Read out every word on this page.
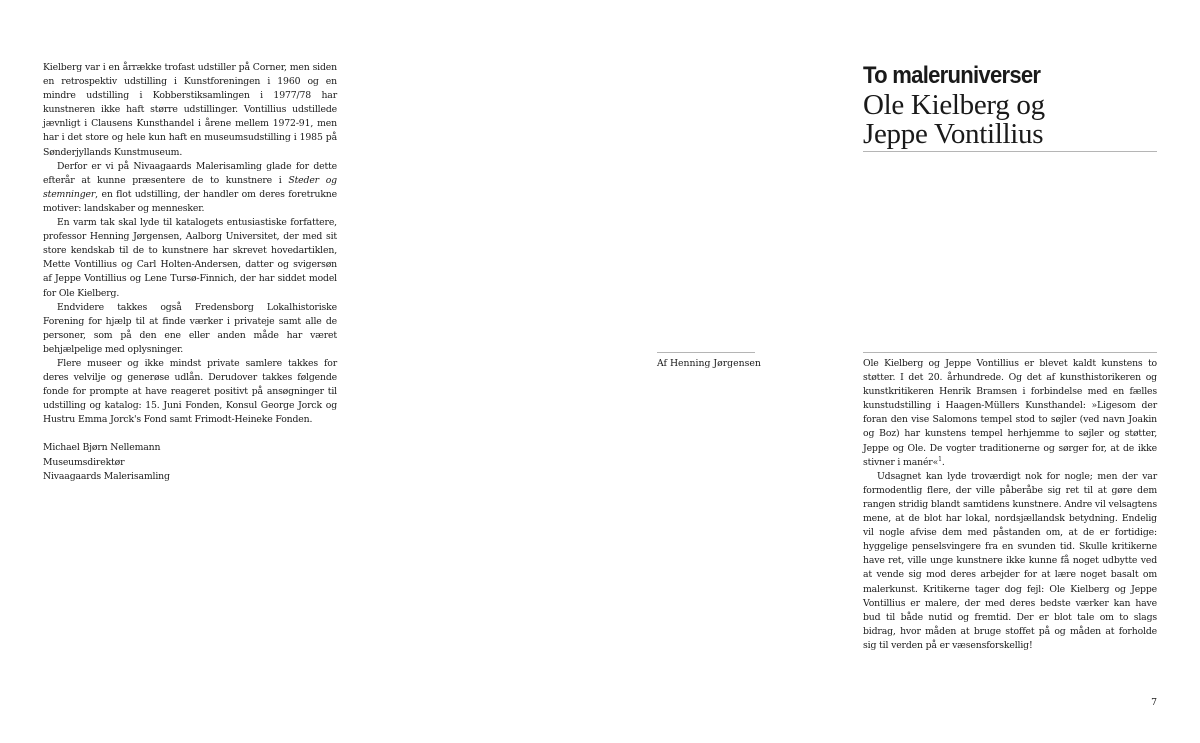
Kielberg var i en årrække trofast udstiller på Corner, men siden en retrospektiv udstilling i Kunstforeningen i 1960 og en mindre udstilling i Kobberstiksamlingen i 1977/78 har kunstneren ikke haft større udstillinger. Vontillius udstillede jævnligt i Clausens Kunsthandel i årene mellem 1972-91, men har i det store og hele kun haft en museumsudstilling i 1985 på Sønderjyllands Kunstmuseum.

Derfor er vi på Nivaagaards Malerisamling glade for dette efterår at kunne præsentere de to kunstnere i Steder og stemninger, en flot udstilling, der handler om deres foretrukne motiver: landskaber og mennesker.

En varm tak skal lyde til katalogets entusiastiske forfattere, professor Henning Jørgensen, Aalborg Universitet, der med sit store kendskab til de to kunstnere har skrevet hovedartiklen, Mette Vontillius og Carl Holten-Andersen, datter og svigersøn af Jeppe Vontillius og Lene Tursø-Finnich, der har siddet model for Ole Kielberg.

Endvidere takkes også Fredensborg Lokalhistoriske Forening for hjælp til at finde værker i privateje samt alle de personer, som på den ene eller anden måde har været behjælpelige med oplysninger.

Flere museer og ikke mindst private samlere takkes for deres velvilje og generøse udlån. Derudover takkes følgende fonde for prompte at have reageret positivt på ansøgninger til udstilling og katalog: 15. Juni Fonden, Konsul George Jorck og Hustru Emma Jorck's Fond samt Frimodt-Heineke Fonden.

Michael Bjørn Nellemann
Museumsdirektør
Nivaagaards Malerisamling
To maleruniverser
Ole Kielberg og
Jeppe Vontillius
Af Henning Jørgensen	Ole Kielberg og Jeppe Vontillius er blevet kaldt kunstens to støtter. I det 20. århundrede. Og det af kunsthistorikeren og kunstkritikeren Henrik Bramsen i forbindelse med en fælles kunstudstilling i Haagen-Müllers Kunsthandel: »Ligesom der foran den vise Salomons tempel stod to søjler (ved navn Joakin og Boz) har kunstens tempel herhjemme to søjler og støtter, Jeppe og Ole. De vogter traditionerne og sørger for, at de ikke stivner i manér«$^1$.

Udsagnet kan lyde troværdigt nok for nogle; men der var formodentlig flere, der ville påberåbe sig ret til at gøre dem rangen stridig blandt samtidens kunstnere. Andre vil velsagtens mene, at de blot har lokal, nordsjællandsk betydning. Endelig vil nogle afvise dem med påstanden om, at de er fortidige: hyggelige penselsvingere fra en svunden tid. Skulle kritikerne have ret, ville unge kunstnere ikke kunne få noget udbytte ved at vende sig mod deres arbejder for at lære noget basalt om malerkunst. Kritikerne tager dog fejl: Ole Kielberg og Jeppe Vontillius er malere, der med deres bedste værker kan have bud til både nutid og fremtid. Der er blot tale om to slags bidrag, hvor måden at bruge stoffet på og måden at forholde sig til verden på er væsensforskellig!

7
